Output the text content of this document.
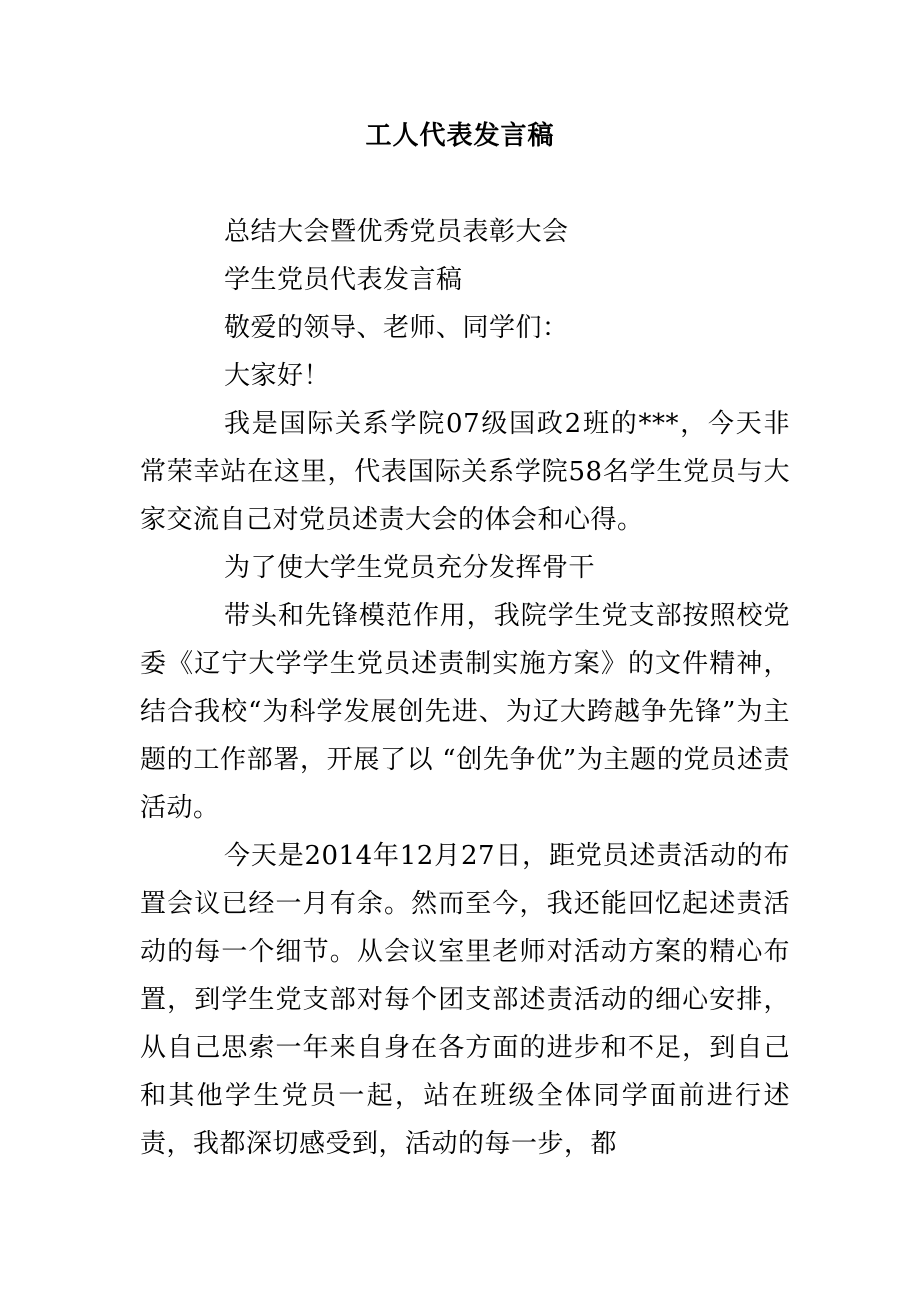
工人代表发言稿

总结大会暨优秀党员表彰大会

学生党员代表发言稿

敬爱的领导、老师、同学们：

大家好！

我是国际关系学院07级国政2班的***，今天非常荣幸站在这里，代表国际关系学院58名学生党员与大家交流自己对党员述责大会的体会和心得。

为了使大学生党员充分发挥骨干

带头和先锋模范作用，我院学生党支部按照校党委《辽宁大学学生党员述责制实施方案》的文件精神，结合我校“为科学发展创先进、为辽大跨越争先锋”为主题的工作部署，开展了以 “创先争优”为主题的党员述责活动。

今天是2014年12月27日，距党员述责活动的布置会议已经一月有余。然而至今，我还能回忆起述责活动的每一个细节。从会议室里老师对活动方案的精心布置，到学生党支部对每个团支部述责活动的细心安排，从自己思索一年来自身在各方面的进步和不足，到自己和其他学生党员一起，站在班级全体同学面前进行述责，我都深切感受到，活动的每一步，都
